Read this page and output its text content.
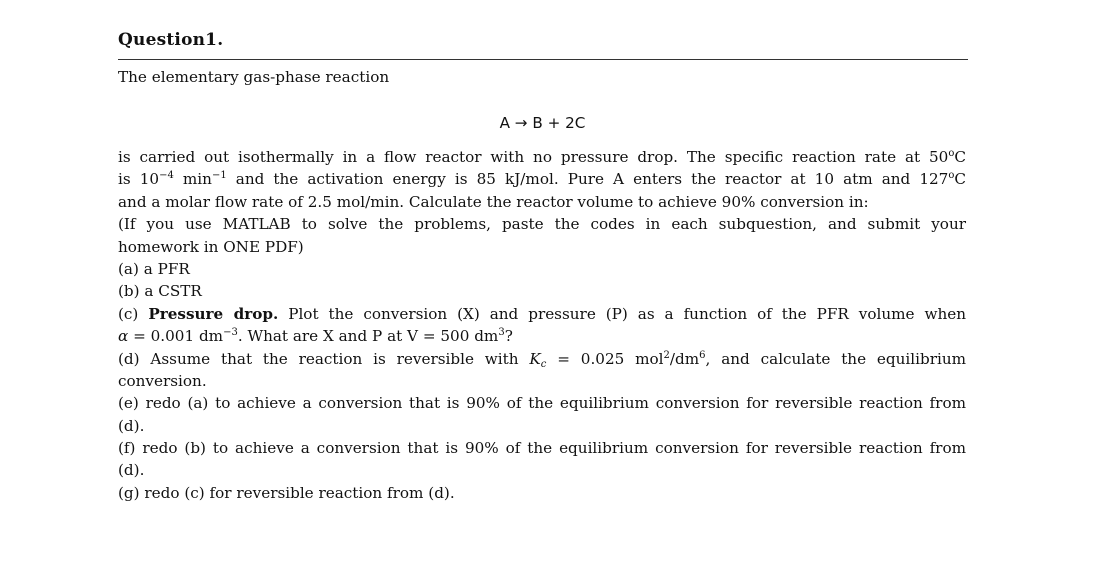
Question1.
The elementary gas-phase reaction
A → B + 2C
is carried out isothermally in a flow reactor with no pressure drop. The specific reaction rate at 50$^o$C
is $10^{-4}$ $\min^{-1}$ and the activation energy is 85 kJ/mol. Pure A enters the reactor at 10 atm and 127$^o$C
and a molar flow rate of 2.5 mol/min. Calculate the reactor volume to achieve 90% conversion in:
(If you use MATLAB to solve the problems, paste the codes in each subquestion, and submit your
homework in ONE PDF)
(a) a PFR
(b) a CSTR
(c) Pressure drop. Plot the conversion (X) and pressure (P) as a function of the PFR volume when
α = 0.001 $dm^{-3}$. What are X and P at V = 500 $dm^3$?
(d) Assume that the reaction is reversible with $K_c = 0.025$ $mol^2/dm^6$, and calculate the equilibrium
conversion.
(e) redo (a) to achieve a conversion that is 90% of the equilibrium conversion for reversible reaction from
(d).
(f) redo (b) to achieve a conversion that is 90% of the equilibrium conversion for reversible reaction from
(d).
(g) redo (c) for reversible reaction from (d).
